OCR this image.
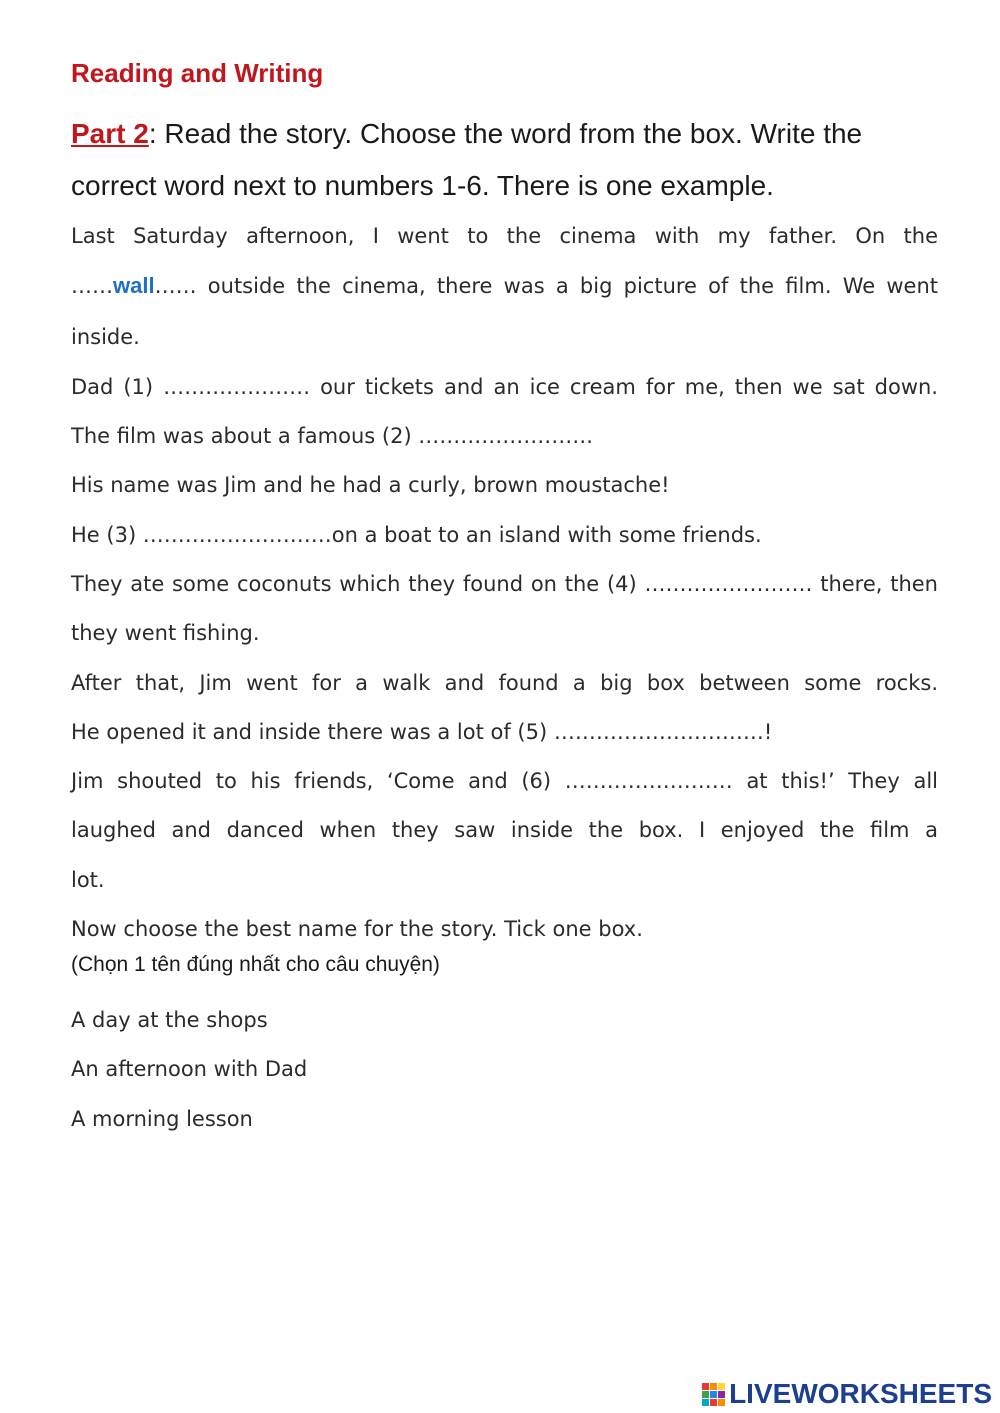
Reading and Writing
Part 2: Read the story. Choose the word from the box. Write the correct word next to numbers 1-6. There is one example.
Last Saturday afternoon, I went to the cinema with my father. On the
……wall…… outside the cinema, there was a big picture of the film. We went
inside.
Dad (1) ………………… our tickets and an ice cream for me, then we sat down.
The film was about a famous (2) …………………….
His name was Jim and he had a curly, brown moustache!
He (3) ………………………on a boat to an island with some friends.
They ate some coconuts which they found on the (4) …………………… there, then
they went fishing.
After that, Jim went for a walk and found a big box between some rocks.
He opened it and inside there was a lot of (5) …………………………!
Jim shouted to his friends, ‘Come and (6) …………………… at this!’ They all
laughed and danced when they saw inside the box. I enjoyed the film a
lot.
Now choose the best name for the story. Tick one box.
(Chọn 1 tên đúng nhất cho câu chuyện)
A day at the shops
An afternoon with Dad
A morning lesson
LIVEWORKSHEETS
